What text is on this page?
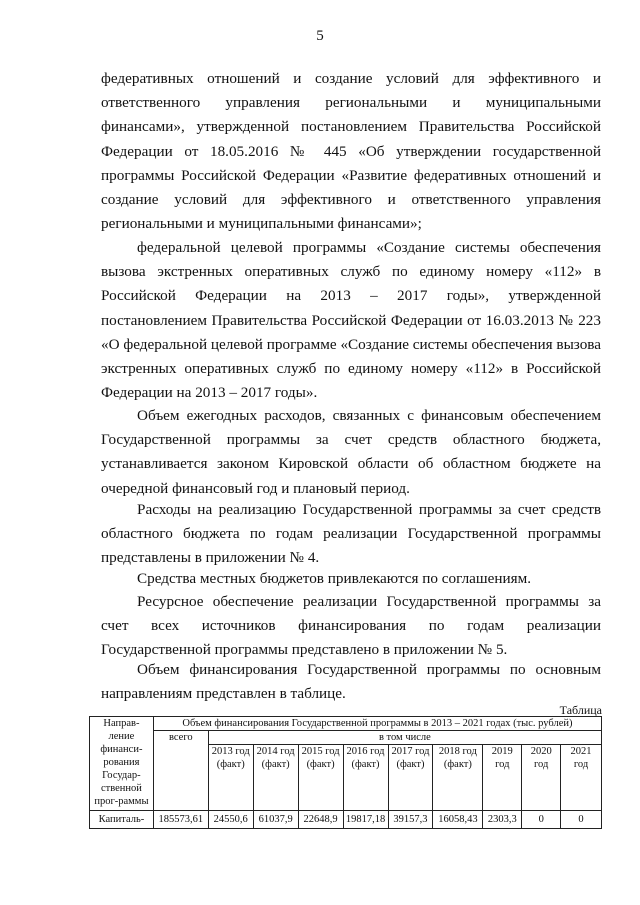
5

федеративных отношений и создание условий для эффективного и ответственного управления региональными и муниципальными финансами», утвержденной постановлением Правительства Российской Федерации от 18.05.2016 № 445 «Об утверждении государственной программы Российской Федерации «Развитие федеративных отношений и создание условий для эффективного и ответственного управления региональными и муниципальными финансами»;

федеральной целевой программы «Создание системы обеспечения вызова экстренных оперативных служб по единому номеру «112» в Российской Федерации на 2013 – 2017 годы», утвержденной постановлением Правительства Российской Федерации от 16.03.2013 № 223 «О федеральной целевой программе «Создание системы обеспечения вызова экстренных оперативных служб по единому номеру «112» в Российской Федерации на 2013 – 2017 годы».

Объем ежегодных расходов, связанных с финансовым обеспечением Государственной программы за счет средств областного бюджета, устанавливается законом Кировской области об областном бюджете на очередной финансовый год и плановый период.

Расходы на реализацию Государственной программы за счет средств областного бюджета по годам реализации Государственной программы представлены в приложении № 4.

Средства местных бюджетов привлекаются по соглашениям.

Ресурсное обеспечение реализации Государственной программы за счет всех источников финансирования по годам реализации Государственной программы представлено в приложении № 5.

Объем финансирования Государственной программы по основным направлениям представлен в таблице.

Таблица
Направ-ление финанси-рования Государ-ственной прог-раммы	Объем финансирования Государственной программы в 2013 – 2021 годах (тыс. рублей)									
	всего	в том числе								
		2013 год (факт)	2014 год (факт)	2015 год (факт)	2016 год (факт)	2017 год (факт)	2018 год (факт)	2019 год	2020 год	2021 год
Капиталь-	185573,61	24550,6	61037,9	22648,9	19817,18	39157,3	16058,43	2303,3	0	0
